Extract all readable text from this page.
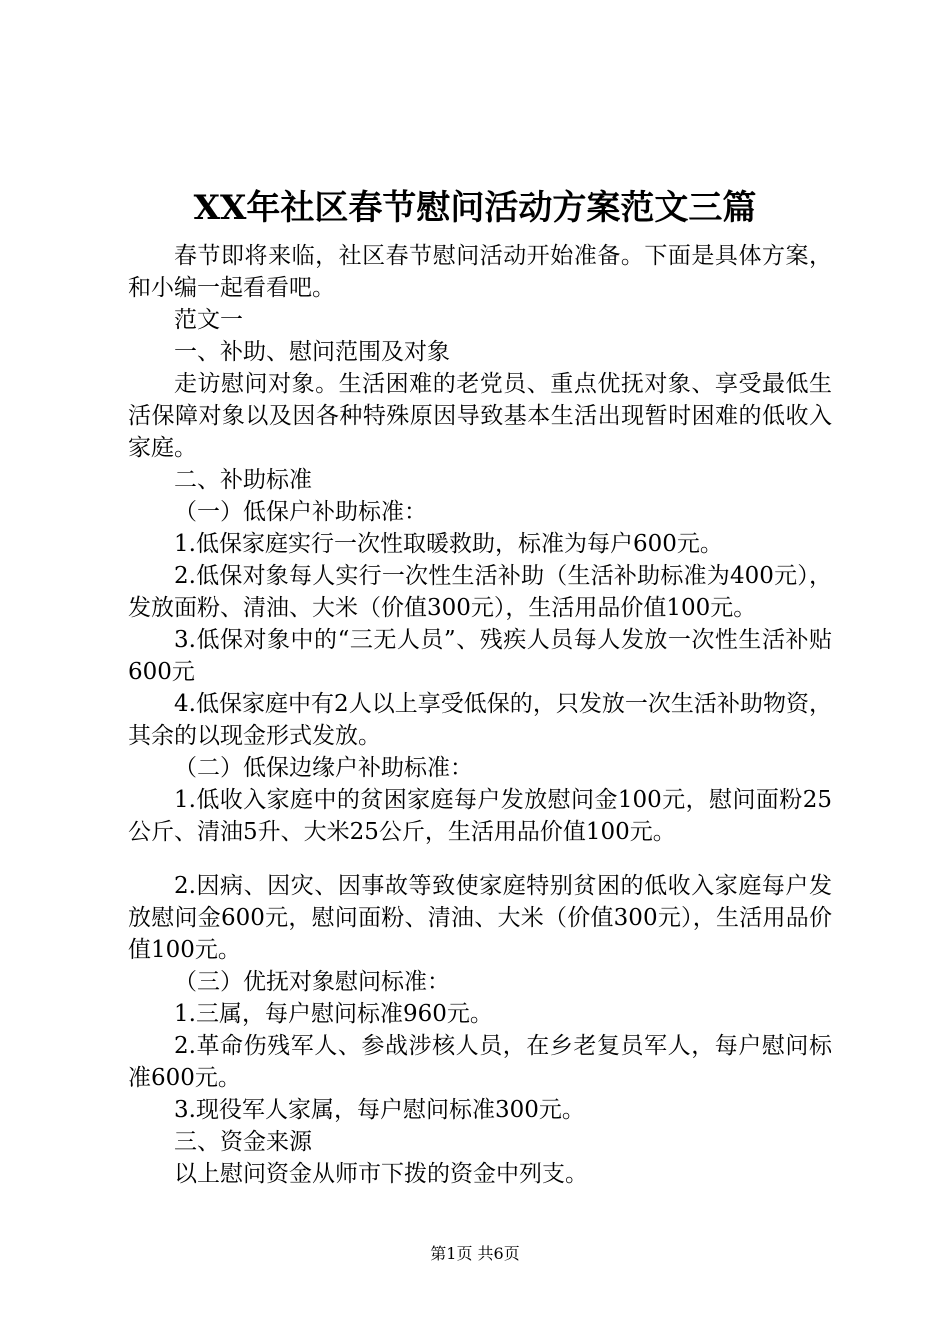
XX年社区春节慰问活动方案范文三篇

春节即将来临，社区春节慰问活动开始准备。下面是具体方案，和小编一起看看吧。

范文一

一、补助、慰问范围及对象

走访慰问对象。生活困难的老党员、重点优抚对象、享受最低生活保障对象以及因各种特殊原因导致基本生活出现暂时困难的低收入家庭。

二、补助标准

（一）低保户补助标准：

1.低保家庭实行一次性取暖救助，标准为每户600元。

2.低保对象每人实行一次性生活补助（生活补助标准为400元），发放面粉、清油、大米（价值300元），生活用品价值100元。

3.低保对象中的“三无人员”、残疾人员每人发放一次性生活补贴600元

4.低保家庭中有2人以上享受低保的，只发放一次生活补助物资，其余的以现金形式发放。

（二）低保边缘户补助标准：

1.低收入家庭中的贫困家庭每户发放慰问金100元，慰问面粉25公斤、清油5升、大米25公斤，生活用品价值100元。

2.因病、因灾、因事故等致使家庭特别贫困的低收入家庭每户发放慰问金600元，慰问面粉、清油、大米（价值300元），生活用品价值100元。

（三）优抚对象慰问标准：

1.三属，每户慰问标准960元。

2.革命伤残军人、参战涉核人员，在乡老复员军人，每户慰问标准600元。

3.现役军人家属，每户慰问标准300元。

三、资金来源

以上慰问资金从师市下拨的资金中列支。

第1页 共6页
